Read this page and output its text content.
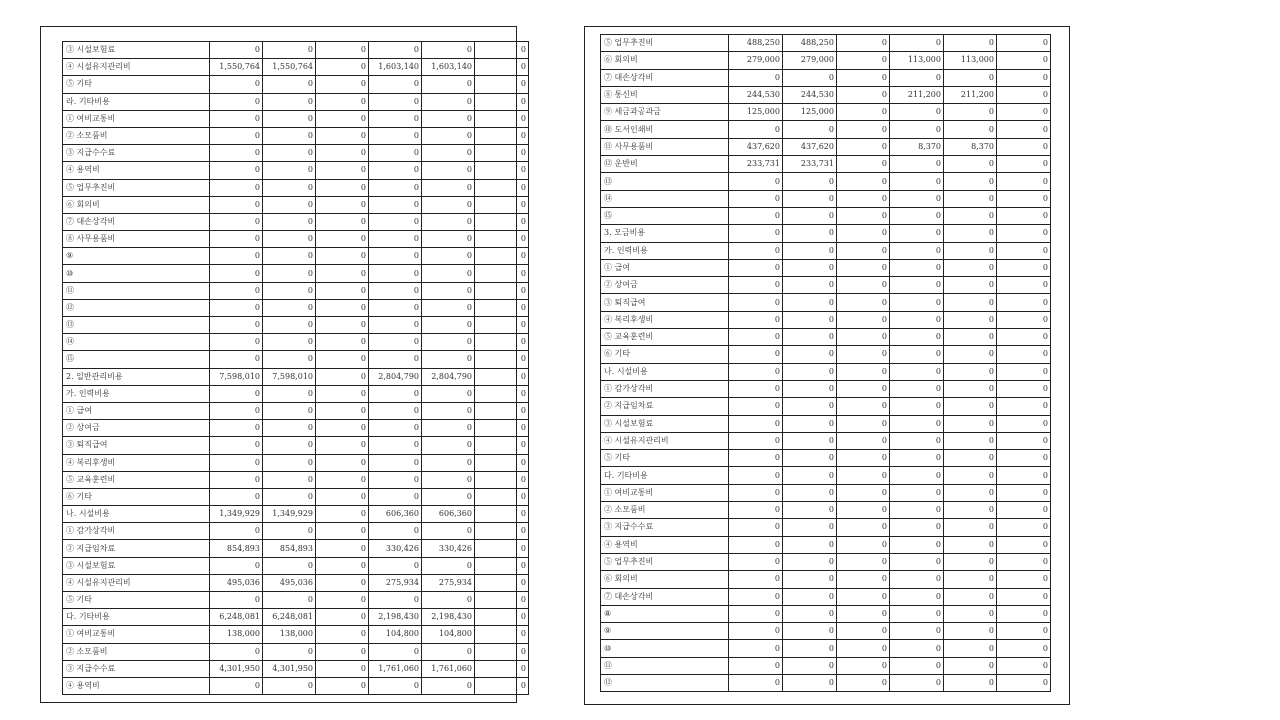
③ 시설보험료	0	0	0	0	0	0
④ 시설유지관리비	1,550,764	1,550,764	0	1,603,140	1,603,140	0
⑤ 기타	0	0	0	0	0	0
라. 기타비용	0	0	0	0	0	0
① 여비교통비	0	0	0	0	0	0
② 소모품비	0	0	0	0	0	0
③ 지급수수료	0	0	0	0	0	0
④ 용역비	0	0	0	0	0	0
⑤ 업무추진비	0	0	0	0	0	0
⑥ 회의비	0	0	0	0	0	0
⑦ 대손상각비	0	0	0	0	0	0
⑧ 사무용품비	0	0	0	0	0	0
⑨	0	0	0	0	0	0
⑩	0	0	0	0	0	0
⑪	0	0	0	0	0	0
⑫	0	0	0	0	0	0
⑬	0	0	0	0	0	0
⑭	0	0	0	0	0	0
⑮	0	0	0	0	0	0
2. 일반관리비용	7,598,010	7,598,010	0	2,804,790	2,804,790	0
가. 인력비용	0	0	0	0	0	0
① 급여	0	0	0	0	0	0
② 상여금	0	0	0	0	0	0
③ 퇴직급여	0	0	0	0	0	0
④ 복리후생비	0	0	0	0	0	0
⑤ 교육훈련비	0	0	0	0	0	0
⑥ 기타	0	0	0	0	0	0
나. 시설비용	1,349,929	1,349,929	0	606,360	606,360	0
① 감가상각비	0	0	0	0	0	0
② 지급임차료	854,893	854,893	0	330,426	330,426	0
③ 시설보험료	0	0	0	0	0	0
④ 시설유지관리비	495,036	495,036	0	275,934	275,934	0
⑤ 기타	0	0	0	0	0	0
다. 기타비용	6,248,081	6,248,081	0	2,198,430	2,198,430	0
① 여비교통비	138,000	138,000	0	104,800	104,800	0
② 소모품비	0	0	0	0	0	0
③ 지급수수료	4,301,950	4,301,950	0	1,761,060	1,761,060	0
④ 용역비	0	0	0	0	0	0
⑤ 업무추진비	488,250	488,250	0	0	0	0
⑥ 회의비	279,000	279,000	0	113,000	113,000	0
⑦ 대손상각비	0	0	0	0	0	0
⑧ 통신비	244,530	244,530	0	211,200	211,200	0
⑨ 세금과공과금	125,000	125,000	0	0	0	0
⑩ 도서인쇄비	0	0	0	0	0	0
⑪ 사무용품비	437,620	437,620	0	8,370	8,370	0
⑫ 운반비	233,731	233,731	0	0	0	0
⑬	0	0	0	0	0	0
⑭	0	0	0	0	0	0
⑮	0	0	0	0	0	0
3. 모금비용	0	0	0	0	0	0
가. 인력비용	0	0	0	0	0	0
① 급여	0	0	0	0	0	0
② 상여금	0	0	0	0	0	0
③ 퇴직급여	0	0	0	0	0	0
④ 복리후생비	0	0	0	0	0	0
⑤ 교육훈련비	0	0	0	0	0	0
⑥ 기타	0	0	0	0	0	0
나. 시설비용	0	0	0	0	0	0
① 감가상각비	0	0	0	0	0	0
② 지급임차료	0	0	0	0	0	0
③ 시설보험료	0	0	0	0	0	0
④ 시설유지관리비	0	0	0	0	0	0
⑤ 기타	0	0	0	0	0	0
다. 기타비용	0	0	0	0	0	0
① 여비교통비	0	0	0	0	0	0
② 소모품비	0	0	0	0	0	0
③ 지급수수료	0	0	0	0	0	0
④ 용역비	0	0	0	0	0	0
⑤ 업무추진비	0	0	0	0	0	0
⑥ 회의비	0	0	0	0	0	0
⑦ 대손상각비	0	0	0	0	0	0
⑧	0	0	0	0	0	0
⑨	0	0	0	0	0	0
⑩	0	0	0	0	0	0
⑪	0	0	0	0	0	0
⑫	0	0	0	0	0	0
